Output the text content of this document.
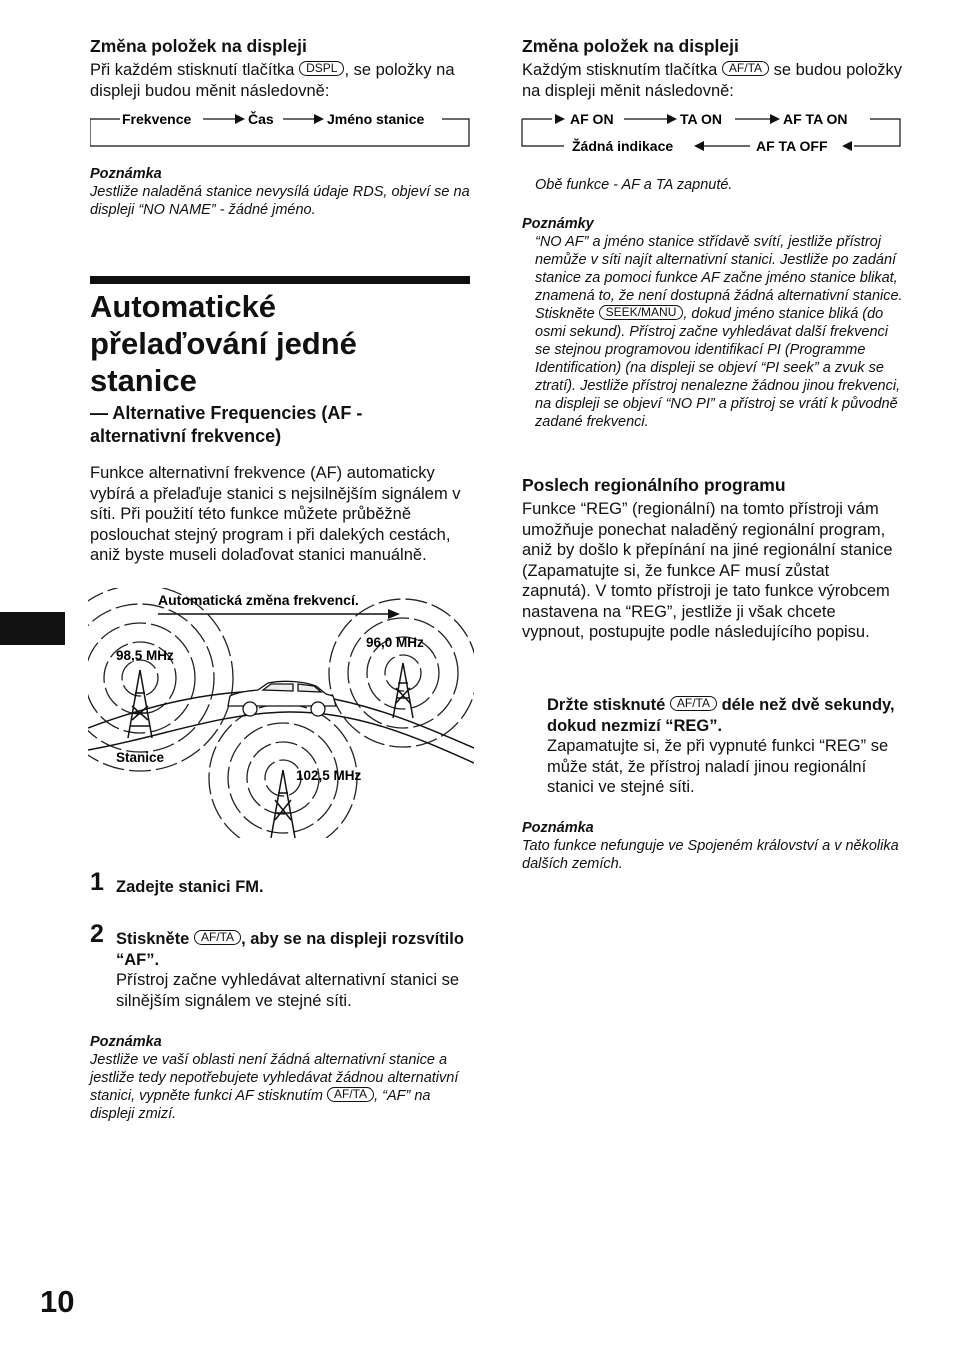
Změna položek na displeji
Při každém stisknutí tlačítka DSPL , se položky na displeji budou měnit následovně:
Frekvence	Čas	Jméno stanice
Poznámka
Jestliže naladěná stanice nevysílá údaje RDS, objeví se na displeji “NO NAME” - žádné jméno.
Automatické
přelaďování jedné
stanice
— Alternative Frequencies (AF -
alternativní frekvence)
Funkce alternativní frekvence (AF) automaticky vybírá a přelaďuje stanici s nejsilnějším signálem v síti. Při použití této funkce můžete průběžně poslouchat stejný program i při dalekých cestách, aniž byste museli dolaďovat stanici manuálně.
Automatická změna frekvencí.
98,5 MHz
96,0 MHz
102,5 MHz
Stanice
1 Zadejte stanici FM.
2 Stiskněte AF/TA , aby se na displeji rozsvítilo “AF”.
Přístroj začne vyhledávat alternativní stanici se silnějším signálem ve stejné síti.
Poznámka
Jestliže ve vaší oblasti není žádná alternativní stanice a jestliže tedy nepotřebujete vyhledávat žádnou alternativní stanici, vypněte funkci AF stisknutím AF/TA , “AF” na displeji zmizí.
10
Změna položek na displeji
Každým stisknutím tlačítka AF/TA se budou položky na displeji měnit následovně:
AF ON	TA ON	AF TA ON
AF TA OFF
Žádná indikace
Obě funkce - AF a TA zapnuté.
Poznámky
“NO AF” a jméno stanice střídavě svítí, jestliže přístroj nemůže v síti najít alternativní stanici. Jestliže po zadání stanice za pomoci funkce AF začne jméno stanice blikat, znamená to, že není dostupná žádná alternativní stanice. Stiskněte SEEK/MANU , dokud jméno stanice bliká (do osmi sekund). Přístroj začne vyhledávat další frekvenci se stejnou programovou identifikací PI (Programme Identification) (na displeji se objeví “PI seek” a zvuk se ztratí). Jestliže přístroj nenalezne žádnou jinou frekvenci, na displeji se objeví “NO PI” a přístroj se vrátí k původně zadané frekvenci.
Poslech regionálního programu
Funkce “REG” (regionální) na tomto přístroji vám umožňuje ponechat naladěný regionální program, aniž by došlo k přepínání na jiné regionální stanice (Zapamatujte si, že funkce AF musí zůstat zapnutá). V tomto přístroji je tato funkce výrobcem nastavena na “REG”, jestliže ji však chcete vypnout, postupujte podle následujícího popisu.
Držte stisknuté AF/TA déle než dvě sekundy, dokud nezmizí “REG”.
Zapamatujte si, že při vypnuté funkci “REG” se může stát, že přístroj naladí jinou regionální stanici ve stejné síti.
Poznámka
Tato funkce nefunguje ve Spojeném království a v několika dalších zemích.
